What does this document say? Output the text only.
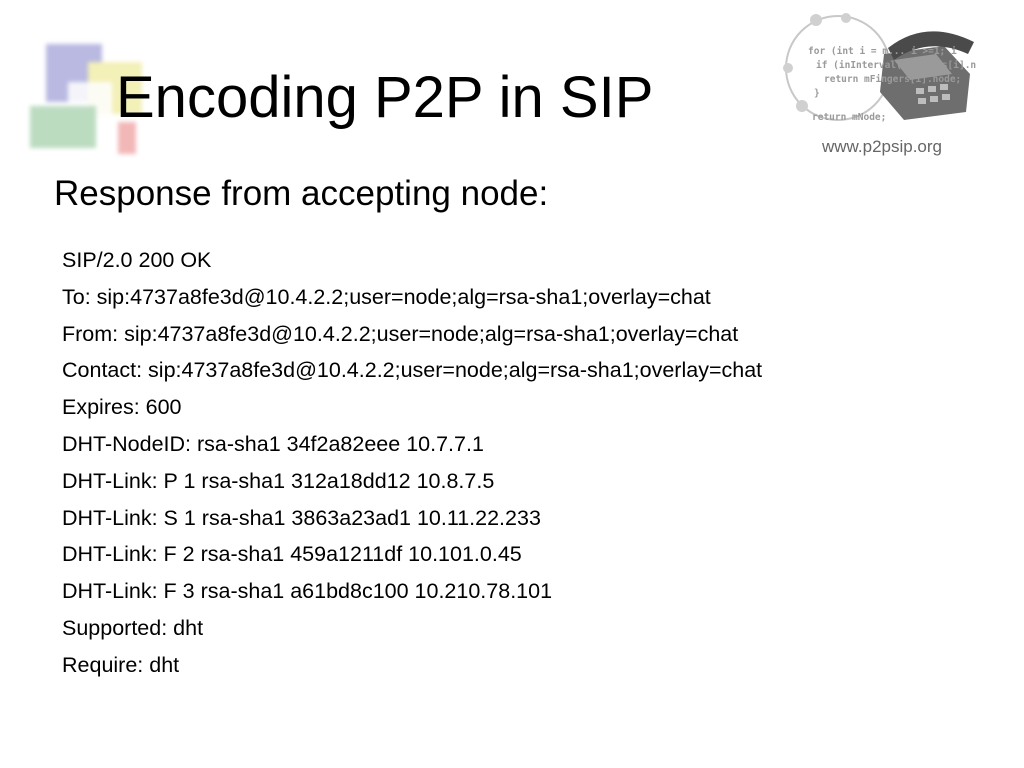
Encoding P2P in SIP
for (int i = m... i >=1; i
if (inInterval(mFingers[i].n
return mFingers[i].node;
}
return mNode;
www.p2psip.org
Response from accepting node:
SIP/2.0 200 OK
To: sip:4737a8fe3d@10.4.2.2;user=node;alg=rsa-sha1;overlay=chat
From: sip:4737a8fe3d@10.4.2.2;user=node;alg=rsa-sha1;overlay=chat
Contact: sip:4737a8fe3d@10.4.2.2;user=node;alg=rsa-sha1;overlay=chat
Expires: 600
DHT-NodeID: rsa-sha1 34f2a82eee 10.7.7.1
DHT-Link: P 1 rsa-sha1 312a18dd12 10.8.7.5
DHT-Link: S 1 rsa-sha1 3863a23ad1 10.11.22.233
DHT-Link: F 2 rsa-sha1 459a1211df 10.101.0.45
DHT-Link: F 3 rsa-sha1 a61bd8c100 10.210.78.101
Supported: dht
Require: dht
